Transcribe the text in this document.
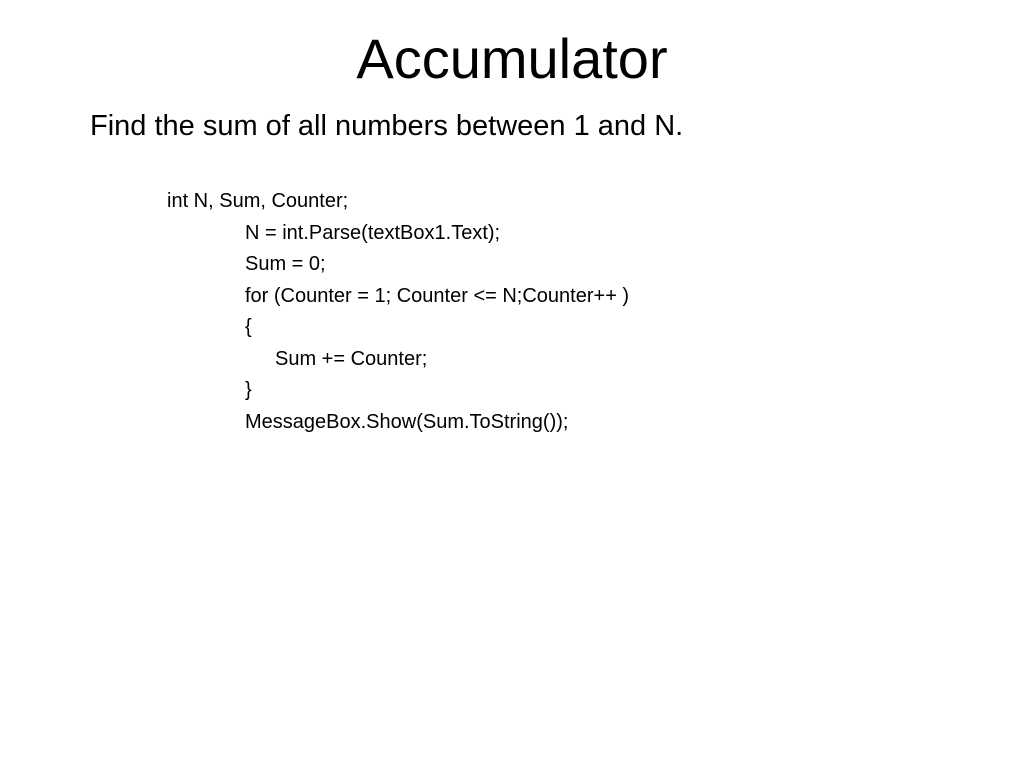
Accumulator
Find the sum of all numbers between 1 and N.
int N, Sum, Counter;
N = int.Parse(textBox1.Text);
Sum = 0;
for (Counter = 1; Counter <= N;Counter++ )
{
Sum += Counter;
}
MessageBox.Show(Sum.ToString());
